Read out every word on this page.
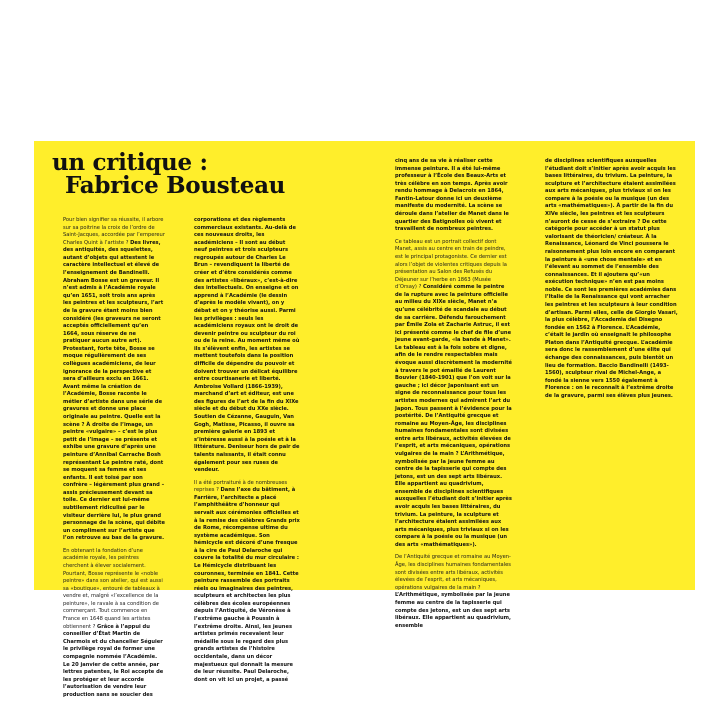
un critique :
Fabrice Bousteau

Pour bien signifier sa réussite, il arbore sur sa poitrine la croix de l’ordre de Saint-Jacques, accordée par l’empereur Charles Quint à l’artiste ? Des livres, des antiquités, des squelettes, autant d’objets qui attestent le caractère intellectuel et élevé de l’enseignement de Bandinelli. Abraham Bosse est un graveur. Il n’est admis à l’Académie royale qu’en 1651, soit trois ans après les peintres et les sculpteurs, l’art de la gravure étant moins bien considéré (les graveurs ne seront acceptés officiellement qu’en 1664, sous réserve de ne pratiquer aucun autre art). Protestant, forte tête, Bosse se moque régulièrement de ses collègues académiciens, de leur ignorance de la perspective et sera d’ailleurs exclu en 1661. Avant même la création de l’Académie, Bosse raconte le métier d’artiste dans une série de gravures et donne une place originale au peintre. Quelle est la scène ? À droite de l’image, un peintre «vulgaire» – c’est le plus petit de l’image – se présente et exhibe une gravure d’après une peinture d’Annibal Carrache Bosh représentant Le peintre raté, dont se moquent sa femme et ses enfants. Il est toisé par son confrère – légèrement plus grand – assis précieusement devant sa toile. Ce dernier est lui-même subtilement ridiculisé par le visiteur derrière lui, le plus grand personnage de la scène, qui débite un compliment sur l’artiste que l’on retrouve au bas de la gravure.

En obtenant la fondation d’une académie royale, les peintres cherchent à élever socialement. Pourtant, Bosse représente le «noble peintre» dans son atelier, qui est aussi sa «boutique», entouré de tableaux à vendre et, malgré «l’excellence de la peinture», le ravale à sa condition de commerçant. Tout commence en France en 1648 quand les artistes obtiennent ? Grâce à l’appui du conseiller d’État Martin de Charmois et du chancelier Séguier le privilège royal de former une compagnie nommée l’Académie. Le 20 janvier de cette année, par lettres patentes, le Roi accepte de les protéger et leur accorde l’autorisation de vendre leur production sans se soucier des

corporations et des règlements commerciaux existants. Au-delà de ces nouveaux droits, les académiciens – Il sont au début neuf peintres et trois sculpteurs regroupés autour de Charles Le Brun – revendiquent la liberté de créer et d’être considérés comme des artistes «libéraux», c’est-à-dire des intellectuels. On enseigne et on apprend à l’Académie (le dessin d’après le modèle vivant), on y débat et on y théorise aussi. Parmi les privilèges : seuls les académiciens royaux ont le droit de devenir peintre ou sculpteur du roi ou de la reine. Au moment même où ils s’élèvent enfin, les artistes se mettent toutefois dans la position difficile de dépendre du pouvoir et doivent trouver un délicat équilibre entre courtisanerie et liberté. Ambroise Vollard (1866-1939), marchand d’art et éditeur, est une des figures de l’art de la fin du XIXe siècle et du début du XXe siècle. Soutien de Cézanne, Gauguin, Van Gogh, Matisse, Picasso, il ouvre sa première galerie en 1893 et s’intéresse aussi à la poésie et à la littérature. Deniseur hors de pair de talents naissants, il était connu également pour ses ruses de vendeur.

Il a été portraituré à de nombreuses reprises ? Dans l’axe du bâtiment, à Farrière, l’architecte a placé l’amphithéâtre d’honneur qui servait aux cérémonies officielles et à la remise des célèbres Grands prix de Rome, récompense ultime du système académique. Son hémicycle est décoré d’une fresque à la cire de Paul Delaroche qui couvre la totalité du mur circulaire : Le Hémicycle distribuant les couronnes, terminée en 1841. Cette peinture rassemble des portraits réels ou imaginaires des peintres, sculpteurs et architectes les plus célèbres des écoles européennes depuis l’Antiquité, de Véronèse à l’extrême gauche à Poussin à l’extrême droite. Ainsi, les jeunes artistes primés recevaient leur médaille sous le regard des plus grands artistes de l’histoire occidentale, dans un décor majestueux qui donnait la mesure de leur réussite. Paul Delaroche, dont on vit ici un projet, a passé

cinq ans de sa vie à réaliser cette immense peinture. Il a été lui-même professeur à l’École des Beaux-Arts et très célèbre en son temps. Après avoir rendu hommage à Delacroix en 1864, Fantin-Latour donne ici un deuxième manifeste du modernité. La scène se déroule dans l’atelier de Manet dans le quartier des Batignolles où vivent et travaillent de nombreux peintres.

Ce tableau est un portrait collectif dont Manet, assis au centre en train de peindre, est le principal protagoniste. Ce dernier est alors l’objet de violentes critiques depuis la présentation au Salon des Refusés du Déjeuner sur l’herbe en 1863 (Musée d’Orsay) ? Considéré comme le peintre de la rupture avec la peinture officielle au milieu du XIXe siècle, Manet n’a qu’une célébrité de scandale au début de sa carrière. Défendu farouchement par Émile Zola et Zacharie Astruc, il est ici présenté comme le chef de file d’une jeune avant-garde, «la bande à Manet». Le tableau est à la fois sobre et digne, afin de le rendre respectables mais évoque aussi discrètement la modernité à travers le pot émaillé de Laurent Bouvier (1840-1901) que l’on voit sur la gauche ; ici décor Japonisant est un signe de reconnaissance pour tous les artistes modernes qui admirent l’art du Japon. Tous passent à l’évidence pour la postérité. De l’Antiquité grecque et romaine au Moyen-Âge, les disciplines humaines fondamentales sont divisées entre arts libéraux, activités élevées de l’esprit, et arts mécaniques, opérations vulgaires de la main ? L’Arithmétique, symbolisée par la jeune femme au centre de la tapisserie qui compte des jetons, est un des sept arts libéraux. Elle appartient au quadrivium, ensemble de disciplines scientifiques auxquelles l’étudiant doit s’initier après avoir acquis les bases littéraires, du trivium. La peinture, la sculpture et l’architecture étaient assimilées aux arts mécaniques, plus triviaux si on les compare à la poésie ou la musique (un des arts «mathématiques»).

De l’Antiquité grecque et romaine au Moyen-Âge, les disciplines humaines fondamentales sont divisées entre arts libéraux, activités élevées de l’esprit, et arts mécaniques, opérations vulgaires de la main ? L’Arithmétique, symbolisée par la jeune femme au centre de la tapisserie qui compte des jetons, est un des sept arts libéraux. Elle appartient au quadrivium, ensemble

de disciplines scientifiques auxquelles l’étudiant doit s’initier après avoir acquis les bases littéraires, du trivium. La peinture, la sculpture et l’architecture étaient assimilées aux arts mécaniques, plus triviaux si on les compare à la poésie ou la musique (un des arts «mathématiques»). À partir de la fin du XIVe siècle, les peintres et les sculpteurs n’auront de cesse de s’extraire ? De cette catégorie pour accéder à un statut plus valorisant de théoricien/ créateur. À la Renaissance, Léonard de Vinci poussera le raisonnement plus loin encore en comparant la peinture à «une chose mentale» et en l’élevant au sommet de l’ensemble des connaissances. Et il ajoutera qu’«un exécution technique» n’en est pas moins noble. Ce sont les premières académies dans l’Italie de la Renaissance qui vont arracher les peintres et les sculpteurs à leur condition d’artisan. Parmi elles, celle de Giorgio Vasari, la plus célèbre, l’Accademia del Disegno fondée en 1562 à Florence. L’Académie, c’était le jardin où enseignait le philosophe Platon dans l’Antiquité grecque. L’académie sera donc le rassemblement d’une élite qui échange des connaissances, puis bientôt un lieu de formation. Baccio Bandinelli (1493-1560), sculpteur rival de Michel-Ange, a fondé la sienne vers 1550 également à Florence : on le reconnaît à l’extrême droite de la gravure, parmi ses élèves plus jeunes.
